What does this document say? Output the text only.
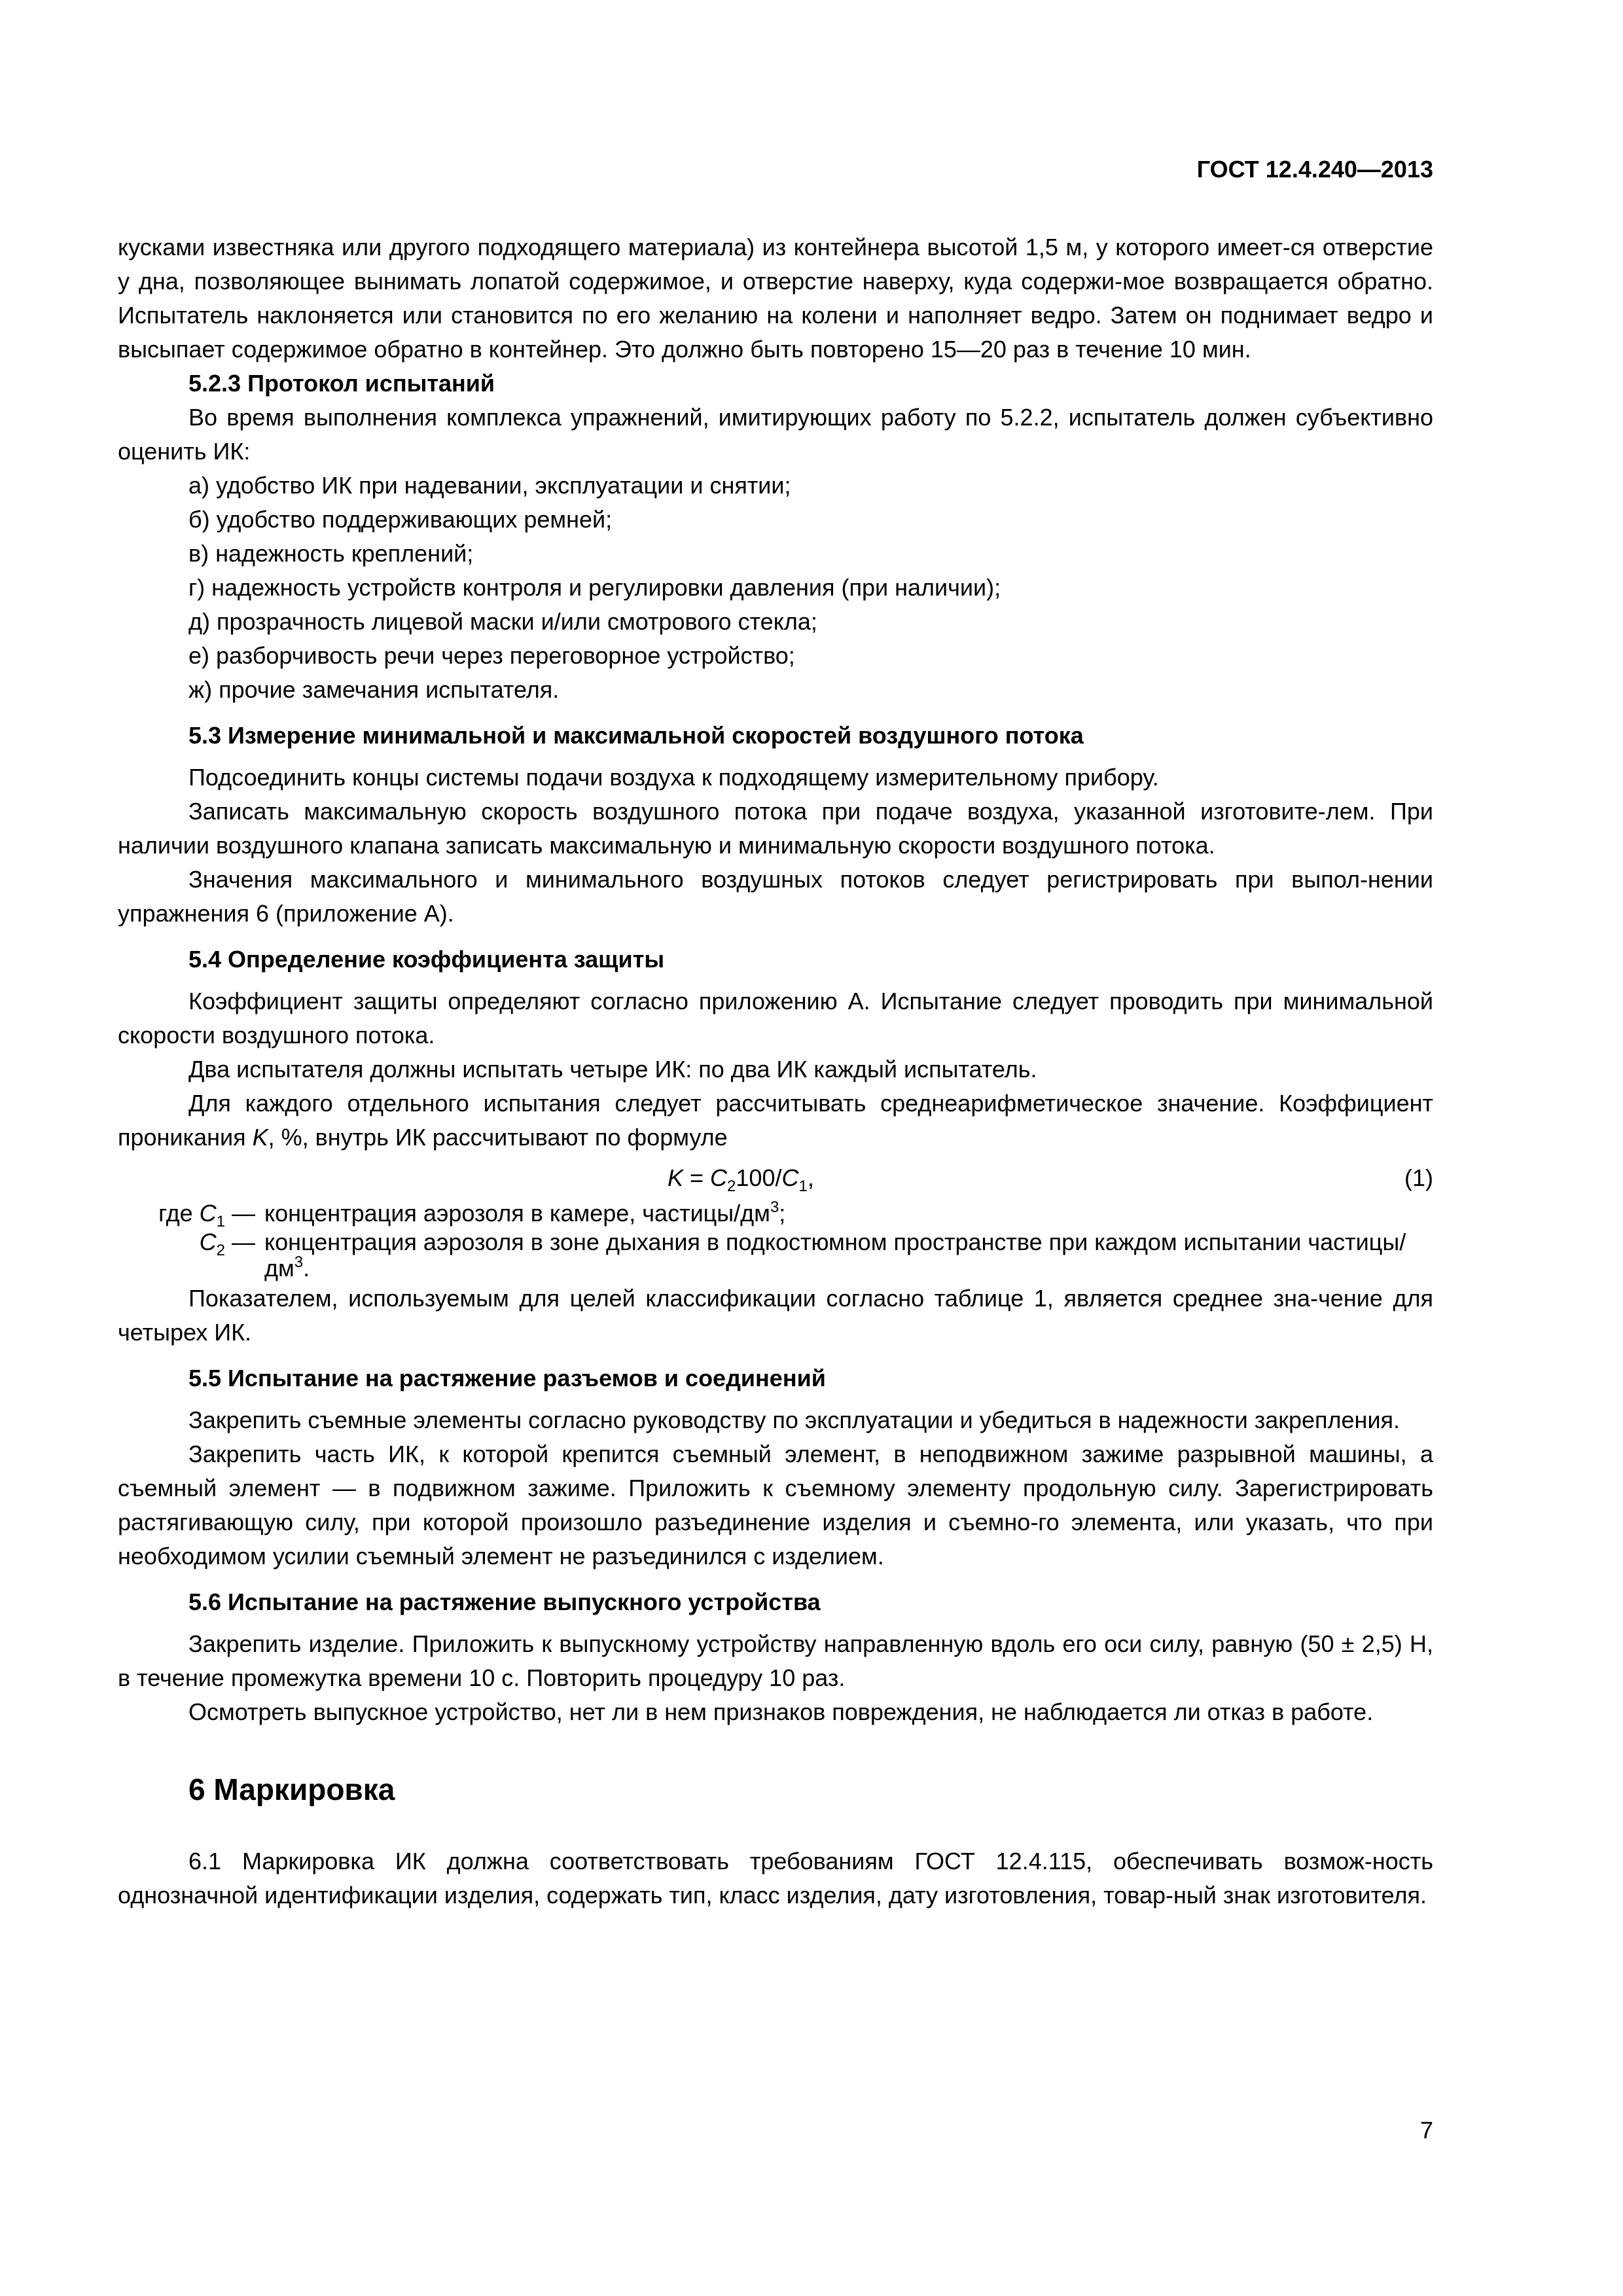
ГОСТ 12.4.240—2013

кусками известняка или другого подходящего материала) из контейнера высотой 1,5 м, у которого имеет-ся отверстие у дна, позволяющее вынимать лопатой содержимое, и отверстие наверху, куда содержи-мое возвращается обратно. Испытатель наклоняется или становится по его желанию на колени и наполняет ведро. Затем он поднимает ведро и высыпает содержимое обратно в контейнер. Это должно быть повторено 15—20 раз в течение 10 мин.

5.2.3 Протокол испытаний

Во время выполнения комплекса упражнений, имитирующих работу по 5.2.2, испытатель должен субъективно оценить ИК:

а) удобство ИК при надевании, эксплуатации и снятии;

б) удобство поддерживающих ремней;

в) надежность креплений;

г) надежность устройств контроля и регулировки давления (при наличии);

д) прозрачность лицевой маски и/или смотрового стекла;

е) разборчивость речи через переговорное устройство;

ж) прочие замечания испытателя.

5.3 Измерение минимальной и максимальной скоростей воздушного потока

Подсоединить концы системы подачи воздуха к подходящему измерительному прибору.

Записать максимальную скорость воздушного потока при подаче воздуха, указанной изготовите-лем. При наличии воздушного клапана записать максимальную и минимальную скорости воздушного потока.

Значения максимального и минимального воздушных потоков следует регистрировать при выпол-нении упражнения 6 (приложение А).

5.4 Определение коэффициента защиты

Коэффициент защиты определяют согласно приложению А. Испытание следует проводить при минимальной скорости воздушного потока.

Два испытателя должны испытать четыре ИК: по два ИК каждый испытатель.

Для каждого отдельного испытания следует рассчитывать среднеарифметическое значение. Коэффициент проникания K, %, внутрь ИК рассчитывают по формуле

$K = C_2100/C_1$,	(1)
где $C_1$ — концентрация аэрозоля в камере, частицы/$дм^3$;
$C_2$ — концентрация аэрозоля в зоне дыхания в подкостюмном пространстве при каждом испытании частицы/$дм^3$.

Показателем, используемым для целей классификации согласно таблице 1, является среднее зна-чение для четырех ИК.

5.5 Испытание на растяжение разъемов и соединений

Закрепить съемные элементы согласно руководству по эксплуатации и убедиться в надежности закрепления.

Закрепить часть ИК, к которой крепится съемный элемент, в неподвижном зажиме разрывной машины, а съемный элемент — в подвижном зажиме. Приложить к съемному элементу продольную силу. Зарегистрировать растягивающую силу, при которой произошло разъединение изделия и съемно-го элемента, или указать, что при необходимом усилии съемный элемент не разъединился с изделием.

5.6 Испытание на растяжение выпускного устройства

Закрепить изделие. Приложить к выпускному устройству направленную вдоль его оси силу, равную (50 ± 2,5) Н, в течение промежутка времени 10 с. Повторить процедуру 10 раз.

Осмотреть выпускное устройство, нет ли в нем признаков повреждения, не наблюдается ли отказ в работе.

6 Маркировка

6.1 Маркировка ИК должна соответствовать требованиям ГОСТ 12.4.115, обеспечивать возмож-ность однозначной идентификации изделия, содержать тип, класс изделия, дату изготовления, товар-ный знак изготовителя.

7
